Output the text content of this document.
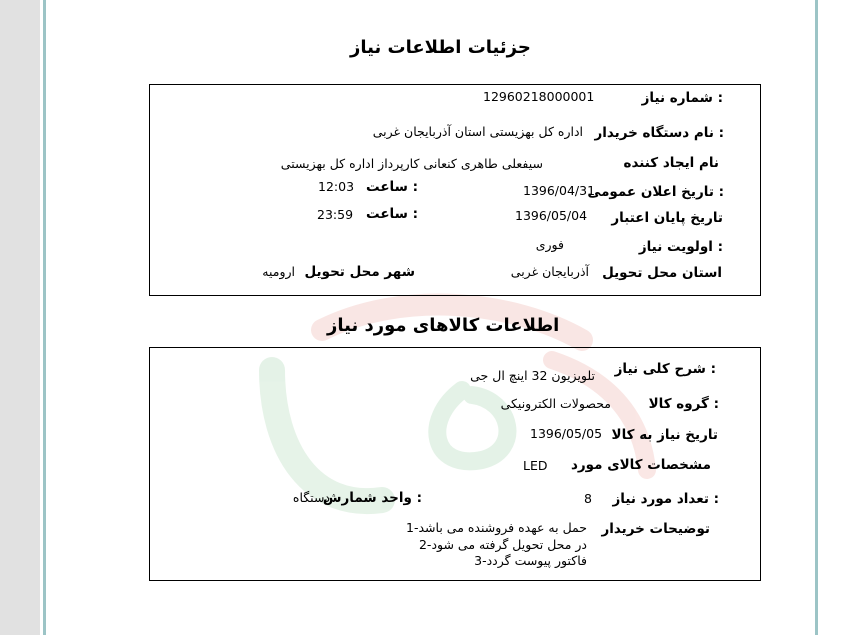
جزئیات اطلاعات نیاز
شماره نیاز :
12960218000001
نام دستگاه خریدار :
اداره کل بهزیستی استان آذربایجان غربی
نام ایجاد کننده
سیفعلی طاهری کنعانی کارپرداز اداره کل بهزیستی
تاریخ اعلان عمومی :
1396/04/31
ساعت :
12:03
تاریخ پایان اعتبار
1396/05/04
ساعت :
23:59
اولویت نیاز :
فوری
استان محل تحویل
آذربایجان غربی
شهر محل تحویل
ارومیه
اطلاعات کالاهای مورد نیاز
شرح کلی نیاز :
تلویزیون 32 اینچ ال جی
گروه کالا :
محصولات الکترونیکی
تاریخ نیاز به کالا
1396/05/05
مشخصات کالای مورد
LED
تعداد مورد نیاز :
8
واحد شمارش :
دستگاه
توضیحات خریدار
1-حمل به عهده فروشنده می باشد
2-در محل تحویل گرفته می شود
3-فاکتور پیوست گردد
